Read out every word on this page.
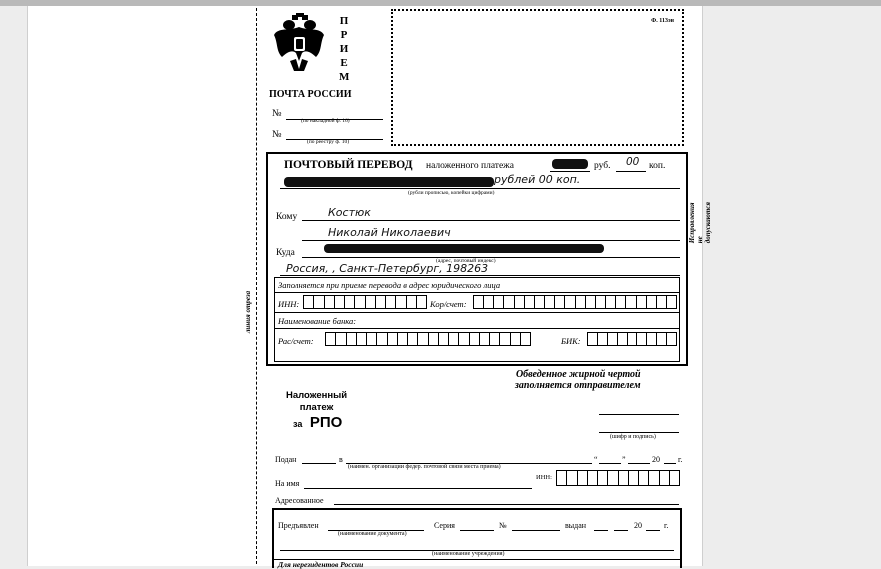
линия отреза
П
Р
И
Е
М
ПОЧТА РОССИИ
№
(по накладной ф. 16)
№
(по реестру ф. 10)
Ф. 113эн
ПОЧТОВЫЙ ПЕРЕВОД наложенного платежа	руб. 00 коп.
рублей 00 коп.
(рубли прописью, копейки цифрами)
Кому	Костюк
Николай Николаевич
Куда
(адрес, почтовый индекс)
Россия, , Санкт-Петербург, 198263
Заполняется при приеме перевода в адрес юридического лица
ИНН:	Кор/счет:
Наименование банка:
Рас/счет:	БИК:
Исправления не допускаются
Обведенное жирной чертой
заполняется отправителем
Наложенный
платеж
за РПО
(шифр и подпись)
Подан	в	“	”	20 г.
(наимен. организации федер. почтовой связи места приема)
На имя
ИНН:
Адресованное
Предъявлен
(наименование документа)
Серия	№	выдан	20	г.
(наименование учреждения)
Для нерезидентов России
